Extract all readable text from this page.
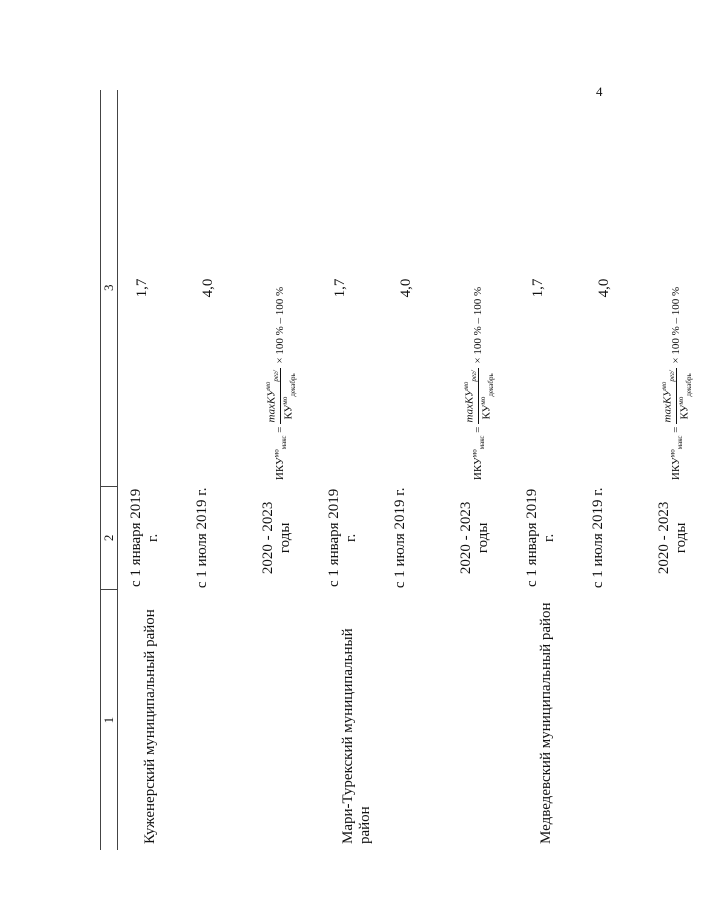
4
1	2	3
Куженерский муниципальный район	с 1 января 2019 г.	1,7
	с 1 июля 2019 г.	4,0
	2020 - 2023 годы	$ИКУ^{мо}_{макс}$ =
maxКУ$^{мо}_{рег/}$
$КУ^{мо}_{декабрь}$
× 100 % – 100 %
Мари-Турекский муниципальный район	с 1 января 2019 г.	1,7
	с 1 июля 2019 г.	4,0
	2020 - 2023 годы	$ИКУ^{мо}_{макс}$ =
maxКУ$^{мо}_{рег/}$
$КУ^{мо}_{декабрь}$
× 100 % – 100 %
Медведевский муниципальный район	с 1 января 2019 г.	1,7
	с 1 июля 2019 г.	4,0
	2020 - 2023 годы	$ИКУ^{мо}_{макс}$ =
maxКУ$^{мо}_{рег/}$
$КУ^{мо}_{декабрь}$
× 100 % – 100 %
